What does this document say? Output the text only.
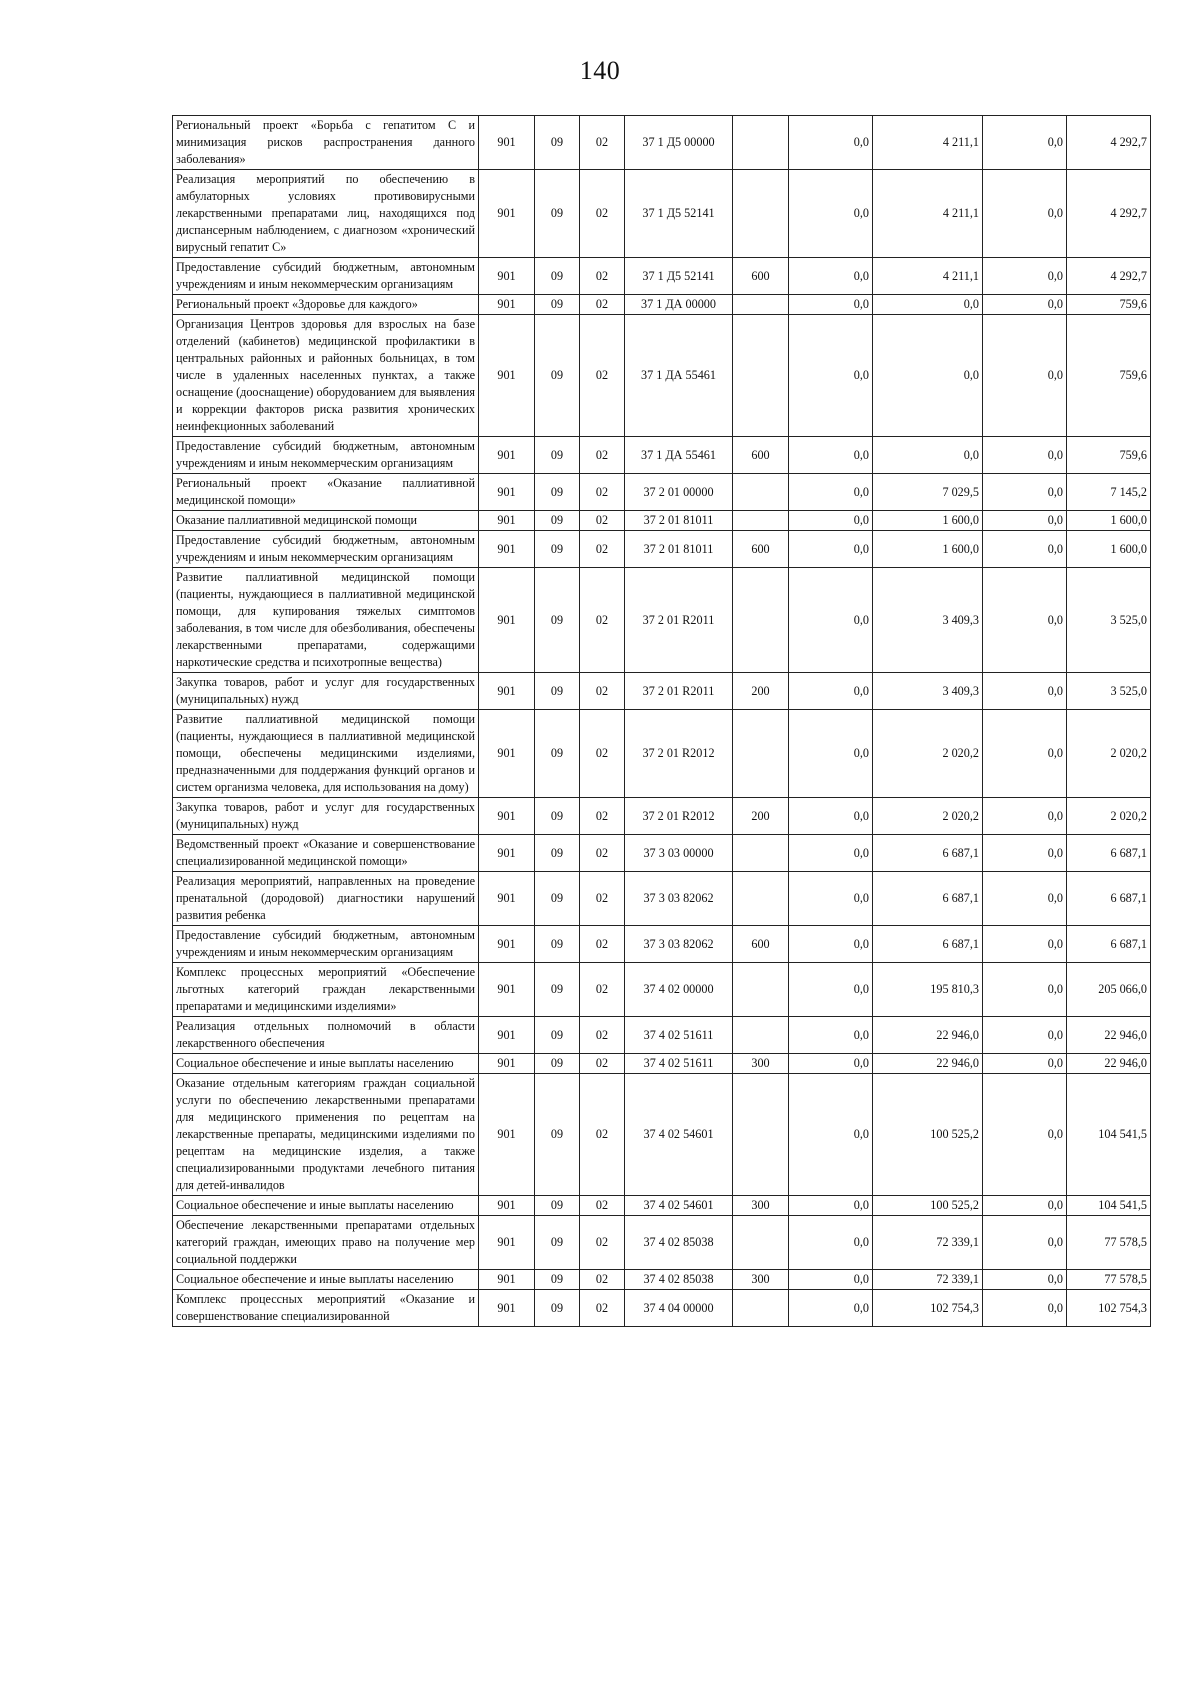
140
Региональный проект «Борьба с гепатитом С и минимизация рисков распространения данного заболевания»	901	09	02	37 1 Д5 00000		0,0	4 211,1	0,0	4 292,7
Реализация мероприятий по обеспечению в амбулаторных условиях противовирусными лекарственными препаратами лиц, находящихся под диспансерным наблюдением, с диагнозом «хронический вирусный гепатит С»	901	09	02	37 1 Д5 52141		0,0	4 211,1	0,0	4 292,7
Предоставление субсидий бюджетным, автономным учреждениям и иным некоммерческим организациям	901	09	02	37 1 Д5 52141	600	0,0	4 211,1	0,0	4 292,7
Региональный проект «Здоровье для каждого»	901	09	02	37 1 ДА 00000		0,0	0,0	0,0	759,6
Организация Центров здоровья для взрослых на базе отделений (кабинетов) медицинской профилактики в центральных районных и районных больницах, в том числе в удаленных населенных пунктах, а также оснащение (дооснащение) оборудованием для выявления и коррекции факторов риска развития хронических неинфекционных заболеваний	901	09	02	37 1 ДА 55461		0,0	0,0	0,0	759,6
Предоставление субсидий бюджетным, автономным учреждениям и иным некоммерческим организациям	901	09	02	37 1 ДА 55461	600	0,0	0,0	0,0	759,6
Региональный проект «Оказание паллиативной медицинской помощи»	901	09	02	37 2 01 00000		0,0	7 029,5	0,0	7 145,2
Оказание паллиативной медицинской помощи	901	09	02	37 2 01 81011		0,0	1 600,0	0,0	1 600,0
Предоставление субсидий бюджетным, автономным учреждениям и иным некоммерческим организациям	901	09	02	37 2 01 81011	600	0,0	1 600,0	0,0	1 600,0
Развитие паллиативной медицинской помощи (пациенты, нуждающиеся в паллиативной медицинской помощи, для купирования тяжелых симптомов заболевания, в том числе для обезболивания, обеспечены лекарственными препаратами, содержащими наркотические средства и психотропные вещества)	901	09	02	37 2 01 R2011		0,0	3 409,3	0,0	3 525,0
Закупка товаров, работ и услуг для государственных (муниципальных) нужд	901	09	02	37 2 01 R2011	200	0,0	3 409,3	0,0	3 525,0
Развитие паллиативной медицинской помощи (пациенты, нуждающиеся в паллиативной медицинской помощи, обеспечены медицинскими изделиями, предназначенными для поддержания функций органов и систем организма человека, для использования на дому)	901	09	02	37 2 01 R2012		0,0	2 020,2	0,0	2 020,2
Закупка товаров, работ и услуг для государственных (муниципальных) нужд	901	09	02	37 2 01 R2012	200	0,0	2 020,2	0,0	2 020,2
Ведомственный проект «Оказание и совершенствование специализированной медицинской помощи»	901	09	02	37 3 03 00000		0,0	6 687,1	0,0	6 687,1
Реализация мероприятий, направленных на проведение пренатальной (дородовой) диагностики нарушений развития ребенка	901	09	02	37 3 03 82062		0,0	6 687,1	0,0	6 687,1
Предоставление субсидий бюджетным, автономным учреждениям и иным некоммерческим организациям	901	09	02	37 3 03 82062	600	0,0	6 687,1	0,0	6 687,1
Комплекс процессных мероприятий «Обеспечение льготных категорий граждан лекарственными препаратами и медицинскими изделиями»	901	09	02	37 4 02 00000		0,0	195 810,3	0,0	205 066,0
Реализация отдельных полномочий в области лекарственного обеспечения	901	09	02	37 4 02 51611		0,0	22 946,0	0,0	22 946,0
Социальное обеспечение и иные выплаты населению	901	09	02	37 4 02 51611	300	0,0	22 946,0	0,0	22 946,0
Оказание отдельным категориям граждан социальной услуги по обеспечению лекарственными препаратами для медицинского применения по рецептам на лекарственные препараты, медицинскими изделиями по рецептам на медицинские изделия, а также специализированными продуктами лечебного питания для детей-инвалидов	901	09	02	37 4 02 54601		0,0	100 525,2	0,0	104 541,5
Социальное обеспечение и иные выплаты населению	901	09	02	37 4 02 54601	300	0,0	100 525,2	0,0	104 541,5
Обеспечение лекарственными препаратами отдельных категорий граждан, имеющих право на получение мер социальной поддержки	901	09	02	37 4 02 85038		0,0	72 339,1	0,0	77 578,5
Социальное обеспечение и иные выплаты населению	901	09	02	37 4 02 85038	300	0,0	72 339,1	0,0	77 578,5
Комплекс процессных мероприятий «Оказание и совершенствование специализированной	901	09	02	37 4 04 00000		0,0	102 754,3	0,0	102 754,3
